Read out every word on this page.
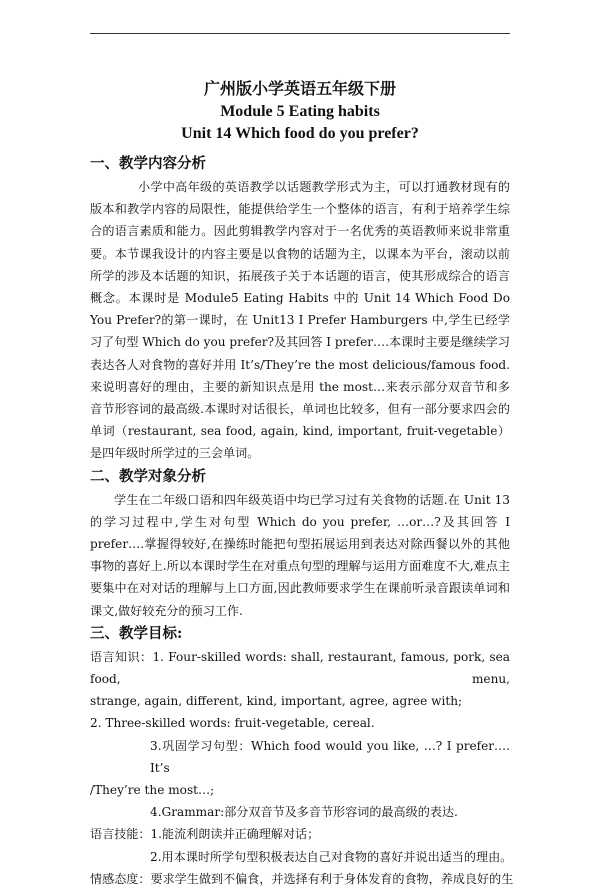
广州版小学英语五年级下册
Module 5 Eating habits
Unit 14 Which food do you prefer?
一、教学内容分析

小学中高年级的英语教学以话题教学形式为主，可以打通教材现有的版本和教学内容的局限性，能提供给学生一个整体的语言，有利于培养学生综合的语言素质和能力。因此剪辑教学内容对于一名优秀的英语教师来说非常重要。本节课我设计的内容主要是以食物的话题为主，以课本为平台，滚动以前所学的涉及本话题的知识，拓展孩子关于本话题的语言，使其形成综合的语言概念。本课时是 Module5 Eating Habits 中的 Unit 14 Which Food Do You Prefer?的第一课时，在 Unit13 I Prefer Hamburgers 中,学生已经学习了句型 Which do you prefer?及其回答 I prefer….本课时主要是继续学习表达各人对食物的喜好并用 It’s/They’re the most delicious/famous food.来说明喜好的理由，主要的新知识点是用 the most…来表示部分双音节和多音节形容词的最高级.本课时对话很长，单词也比较多，但有一部分要求四会的单词（restaurant, sea food, again, kind, important, fruit-vegetable）是四年级时所学过的三会单词。

二、教学对象分析

学生在二年级口语和四年级英语中均已学习过有关食物的话题.在 Unit 13 的学习过程中,学生对句型 Which do you prefer, …or…?及其回答 I prefer….掌握得较好,在操练时能把句型拓展运用到表达对除西餐以外的其他事物的喜好上.所以本课时学生在对重点句型的理解与运用方面难度不大,难点主要集中在对对话的理解与上口方面,因此教师要求学生在课前听录音跟读单词和课文,做好较充分的预习工作.

三、教学目标:

语言知识：1. Four-skilled words: shall, restaurant, famous, pork, sea food, menu,

strange, again, different, kind, important, agree, agree with;

2. Three-skilled words: fruit-vegetable, cereal.

3.巩固学习句型：Which food would you like, …? I prefer…. It’s

/They’re the most…;

4.Grammar:部分双音节及多音节形容词的最高级的表达.

语言技能：1.能流利朗读并正确理解对话；

2.用本课时所学句型积极表达自己对食物的喜好并说出适当的理由。

情感态度：要求学生做到不偏食，并选择有利于身体发育的食物，养成良好的生
